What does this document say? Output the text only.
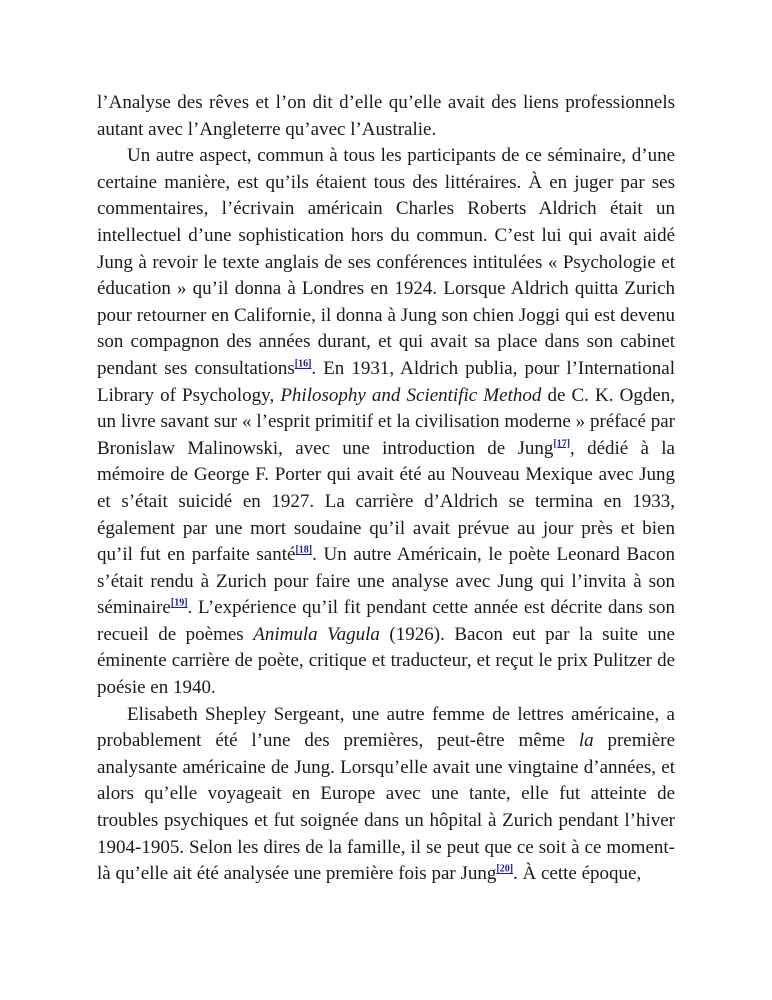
l’Analyse des rêves et l’on dit d’elle qu’elle avait des liens professionnels autant avec l’Angleterre qu’avec l’Australie.

Un autre aspect, commun à tous les participants de ce séminaire, d’une certaine manière, est qu’ils étaient tous des littéraires. À en juger par ses commentaires, l’écrivain américain Charles Roberts Aldrich était un intellectuel d’une sophistication hors du commun. C’est lui qui avait aidé Jung à revoir le texte anglais de ses conférences intitulées « Psychologie et éducation » qu’il donna à Londres en 1924. Lorsque Aldrich quitta Zurich pour retourner en Californie, il donna à Jung son chien Joggi qui est devenu son compagnon des années durant, et qui avait sa place dans son cabinet pendant ses consultations[16]. En 1931, Aldrich publia, pour l’International Library of Psychology, Philosophy and Scientific Method de C. K. Ogden, un livre savant sur « l’esprit primitif et la civilisation moderne » préfacé par Bronislaw Malinowski, avec une introduction de Jung[17], dédié à la mémoire de George F. Porter qui avait été au Nouveau Mexique avec Jung et s’était suicidé en 1927. La carrière d’Aldrich se termina en 1933, également par une mort soudaine qu’il avait prévue au jour près et bien qu’il fut en parfaite santé[18]. Un autre Américain, le poète Leonard Bacon s’était rendu à Zurich pour faire une analyse avec Jung qui l’invita à son séminaire[19]. L’expérience qu’il fit pendant cette année est décrite dans son recueil de poèmes Animula Vagula (1926). Bacon eut par la suite une éminente carrière de poète, critique et traducteur, et reçut le prix Pulitzer de poésie en 1940.

Elisabeth Shepley Sergeant, une autre femme de lettres américaine, a probablement été l’une des premières, peut-être même la première analysante américaine de Jung. Lorsqu’elle avait une vingtaine d’années, et alors qu’elle voyageait en Europe avec une tante, elle fut atteinte de troubles psychiques et fut soignée dans un hôpital à Zurich pendant l’hiver 1904-1905. Selon les dires de la famille, il se peut que ce soit à ce moment-là qu’elle ait été analysée une première fois par Jung[20]. À cette époque,
